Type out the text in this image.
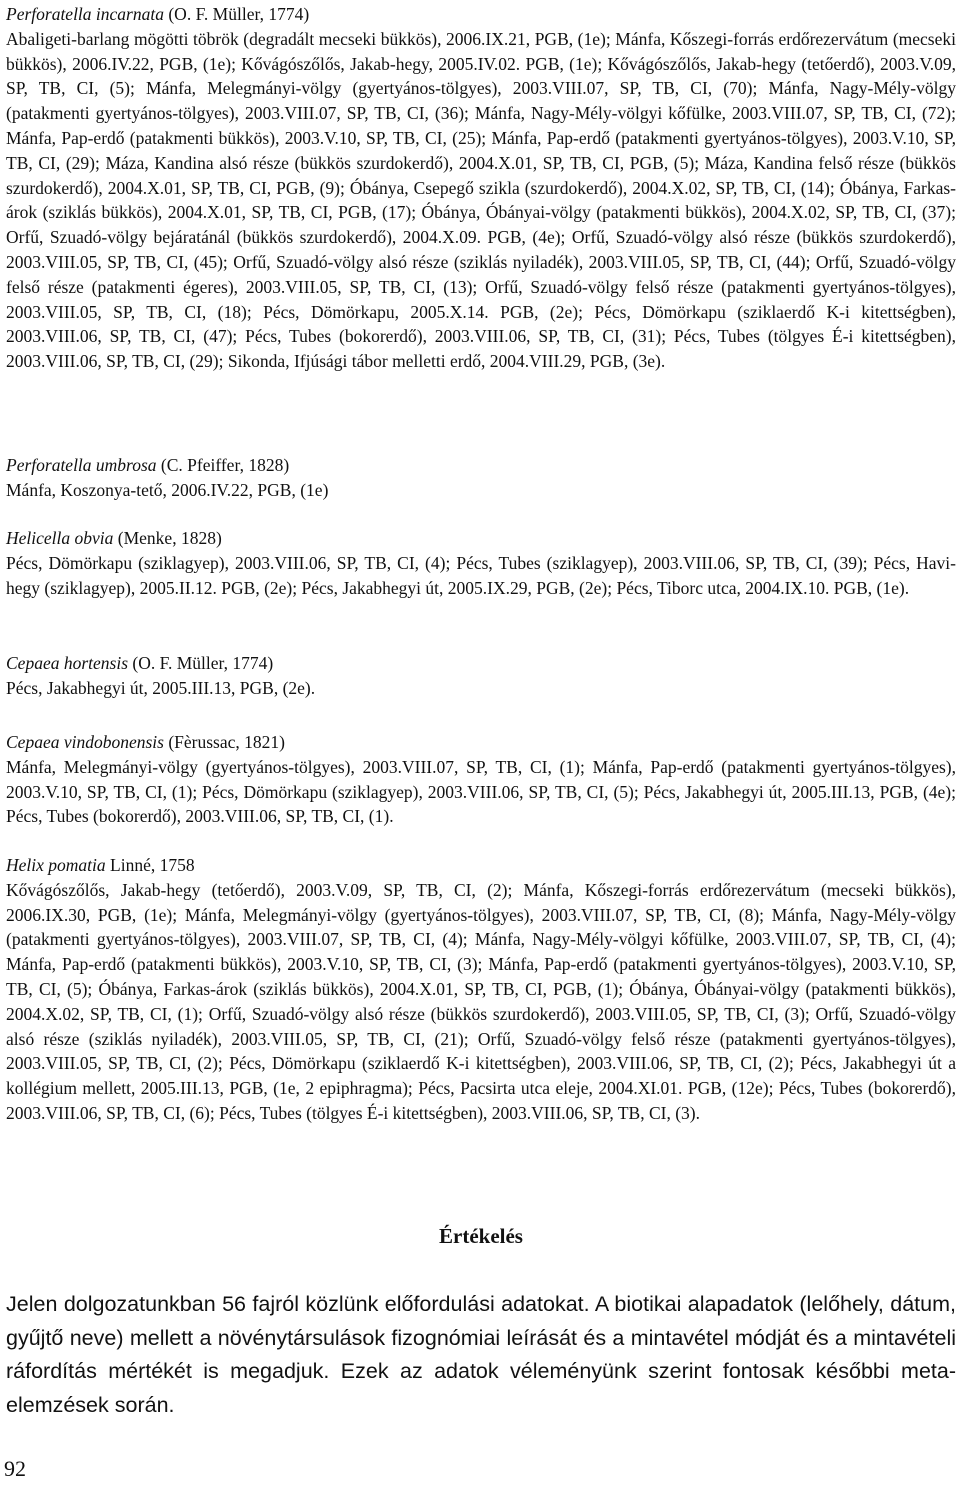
Perforatella incarnata (O. F. Müller, 1774)
Abaligeti-barlang mögötti töbrök (degradált mecseki bükkös), 2006.IX.21, PGB, (1e); Mánfa, Kőszegi-forrás erdőrezervátum (mecseki bükkös), 2006.IV.22, PGB, (1e); Kővágószőlős, Jakab-hegy, 2005.IV.02. PGB, (1e); Kővágószőlős, Jakab-hegy (tetőerdő), 2003.V.09, SP, TB, CI, (5); Mánfa, Melegmányi-völgy (gyertyános-tölgyes), 2003.VIII.07, SP, TB, CI, (70); Mánfa, Nagy-Mély-völgy (patakmenti gyertyános-tölgyes), 2003.VIII.07, SP, TB, CI, (36); Mánfa, Nagy-Mély-völgyi kőfülke, 2003.VIII.07, SP, TB, CI, (72); Mánfa, Pap-erdő (patakmenti bükkös), 2003.V.10, SP, TB, CI, (25); Mánfa, Pap-erdő (patakmenti gyertyános-tölgyes), 2003.V.10, SP, TB, CI, (29); Máza, Kandina alsó része (bükkös szurdokerdő), 2004.X.01, SP, TB, CI, PGB, (5); Máza, Kandina felső része (bükkös szurdokerdő), 2004.X.01, SP, TB, CI, PGB, (9); Óbánya, Csepegő szikla (szurdokerdő), 2004.X.02, SP, TB, CI, (14); Óbánya, Farkas-árok (sziklás bükkös), 2004.X.01, SP, TB, CI, PGB, (17); Óbánya, Óbányai-völgy (patakmenti bükkös), 2004.X.02, SP, TB, CI, (37); Orfű, Szuadó-völgy bejáratánál (bükkös szurdokerdő), 2004.X.09. PGB, (4e); Orfű, Szuadó-völgy alsó része (bükkös szurdokerdő), 2003.VIII.05, SP, TB, CI, (45); Orfű, Szuadó-völgy alsó része (sziklás nyiladék), 2003.VIII.05, SP, TB, CI, (44); Orfű, Szuadó-völgy felső része (patakmenti égeres), 2003.VIII.05, SP, TB, CI, (13); Orfű, Szuadó-völgy felső része (patakmenti gyertyános-tölgyes), 2003.VIII.05, SP, TB, CI, (18); Pécs, Dömörkapu, 2005.X.14. PGB, (2e); Pécs, Dömörkapu (sziklaerdő K-i kitettségben), 2003.VIII.06, SP, TB, CI, (47); Pécs, Tubes (bokorerdő), 2003.VIII.06, SP, TB, CI, (31); Pécs, Tubes (tölgyes É-i kitettségben), 2003.VIII.06, SP, TB, CI, (29); Sikonda, Ifjúsági tábor melletti erdő, 2004.VIII.29, PGB, (3e).
Perforatella umbrosa (C. Pfeiffer, 1828)
Mánfa, Koszonya-tető, 2006.IV.22, PGB, (1e)
Helicella obvia (Menke, 1828)
Pécs, Dömörkapu (sziklagyep), 2003.VIII.06, SP, TB, CI, (4); Pécs, Tubes (sziklagyep), 2003.VIII.06, SP, TB, CI, (39); Pécs, Havi-hegy (sziklagyep), 2005.II.12. PGB, (2e); Pécs, Jakabhegyi út, 2005.IX.29, PGB, (2e); Pécs, Tiborc utca, 2004.IX.10. PGB, (1e).
Cepaea hortensis (O. F. Müller, 1774)
Pécs, Jakabhegyi út, 2005.III.13, PGB, (2e).
Cepaea vindobonensis (Fèrussac, 1821)
Mánfa, Melegmányi-völgy (gyertyános-tölgyes), 2003.VIII.07, SP, TB, CI, (1); Mánfa, Pap-erdő (patakmenti gyertyános-tölgyes), 2003.V.10, SP, TB, CI, (1); Pécs, Dömörkapu (sziklagyep), 2003.VIII.06, SP, TB, CI, (5); Pécs, Jakabhegyi út, 2005.III.13, PGB, (4e); Pécs, Tubes (bokorerdő), 2003.VIII.06, SP, TB, CI, (1).
Helix pomatia Linné, 1758
Kővágószőlős, Jakab-hegy (tetőerdő), 2003.V.09, SP, TB, CI, (2); Mánfa, Kőszegi-forrás erdőrezervátum (mecseki bükkös), 2006.IX.30, PGB, (1e); Mánfa, Melegmányi-völgy (gyertyános-tölgyes), 2003.VIII.07, SP, TB, CI, (8); Mánfa, Nagy-Mély-völgy (patakmenti gyertyános-tölgyes), 2003.VIII.07, SP, TB, CI, (4); Mánfa, Nagy-Mély-völgyi kőfülke, 2003.VIII.07, SP, TB, CI, (4); Mánfa, Pap-erdő (patakmenti bükkös), 2003.V.10, SP, TB, CI, (3); Mánfa, Pap-erdő (patakmenti gyertyános-tölgyes), 2003.V.10, SP, TB, CI, (5); Óbánya, Farkas-árok (sziklás bükkös), 2004.X.01, SP, TB, CI, PGB, (1); Óbánya, Óbányai-völgy (patakmenti bükkös), 2004.X.02, SP, TB, CI, (1); Orfű, Szuadó-völgy alsó része (bükkös szurdokerdő), 2003.VIII.05, SP, TB, CI, (3); Orfű, Szuadó-völgy alsó része (sziklás nyiladék), 2003.VIII.05, SP, TB, CI, (21); Orfű, Szuadó-völgy felső része (patakmenti gyertyános-tölgyes), 2003.VIII.05, SP, TB, CI, (2); Pécs, Dömörkapu (sziklaerdő K-i kitettségben), 2003.VIII.06, SP, TB, CI, (2); Pécs, Jakabhegyi út a kollégium mellett, 2005.III.13, PGB, (1e, 2 epiphragma); Pécs, Pacsirta utca eleje, 2004.XI.01. PGB, (12e); Pécs, Tubes (bokorerdő), 2003.VIII.06, SP, TB, CI, (6); Pécs, Tubes (tölgyes É-i kitettségben), 2003.VIII.06, SP, TB, CI, (3).
Értékelés

Jelen dolgozatunkban 56 fajról közlünk előfordulási adatokat. A biotikai alapadatok (lelőhely, dátum, gyűjtő neve) mellett a növénytársulások fizognómiai leírását és a mintavétel módját és a mintavételi ráfordítás mértékét is megadjuk. Ezek az adatok véleményünk szerint fontosak későbbi meta-elemzések során.

92
